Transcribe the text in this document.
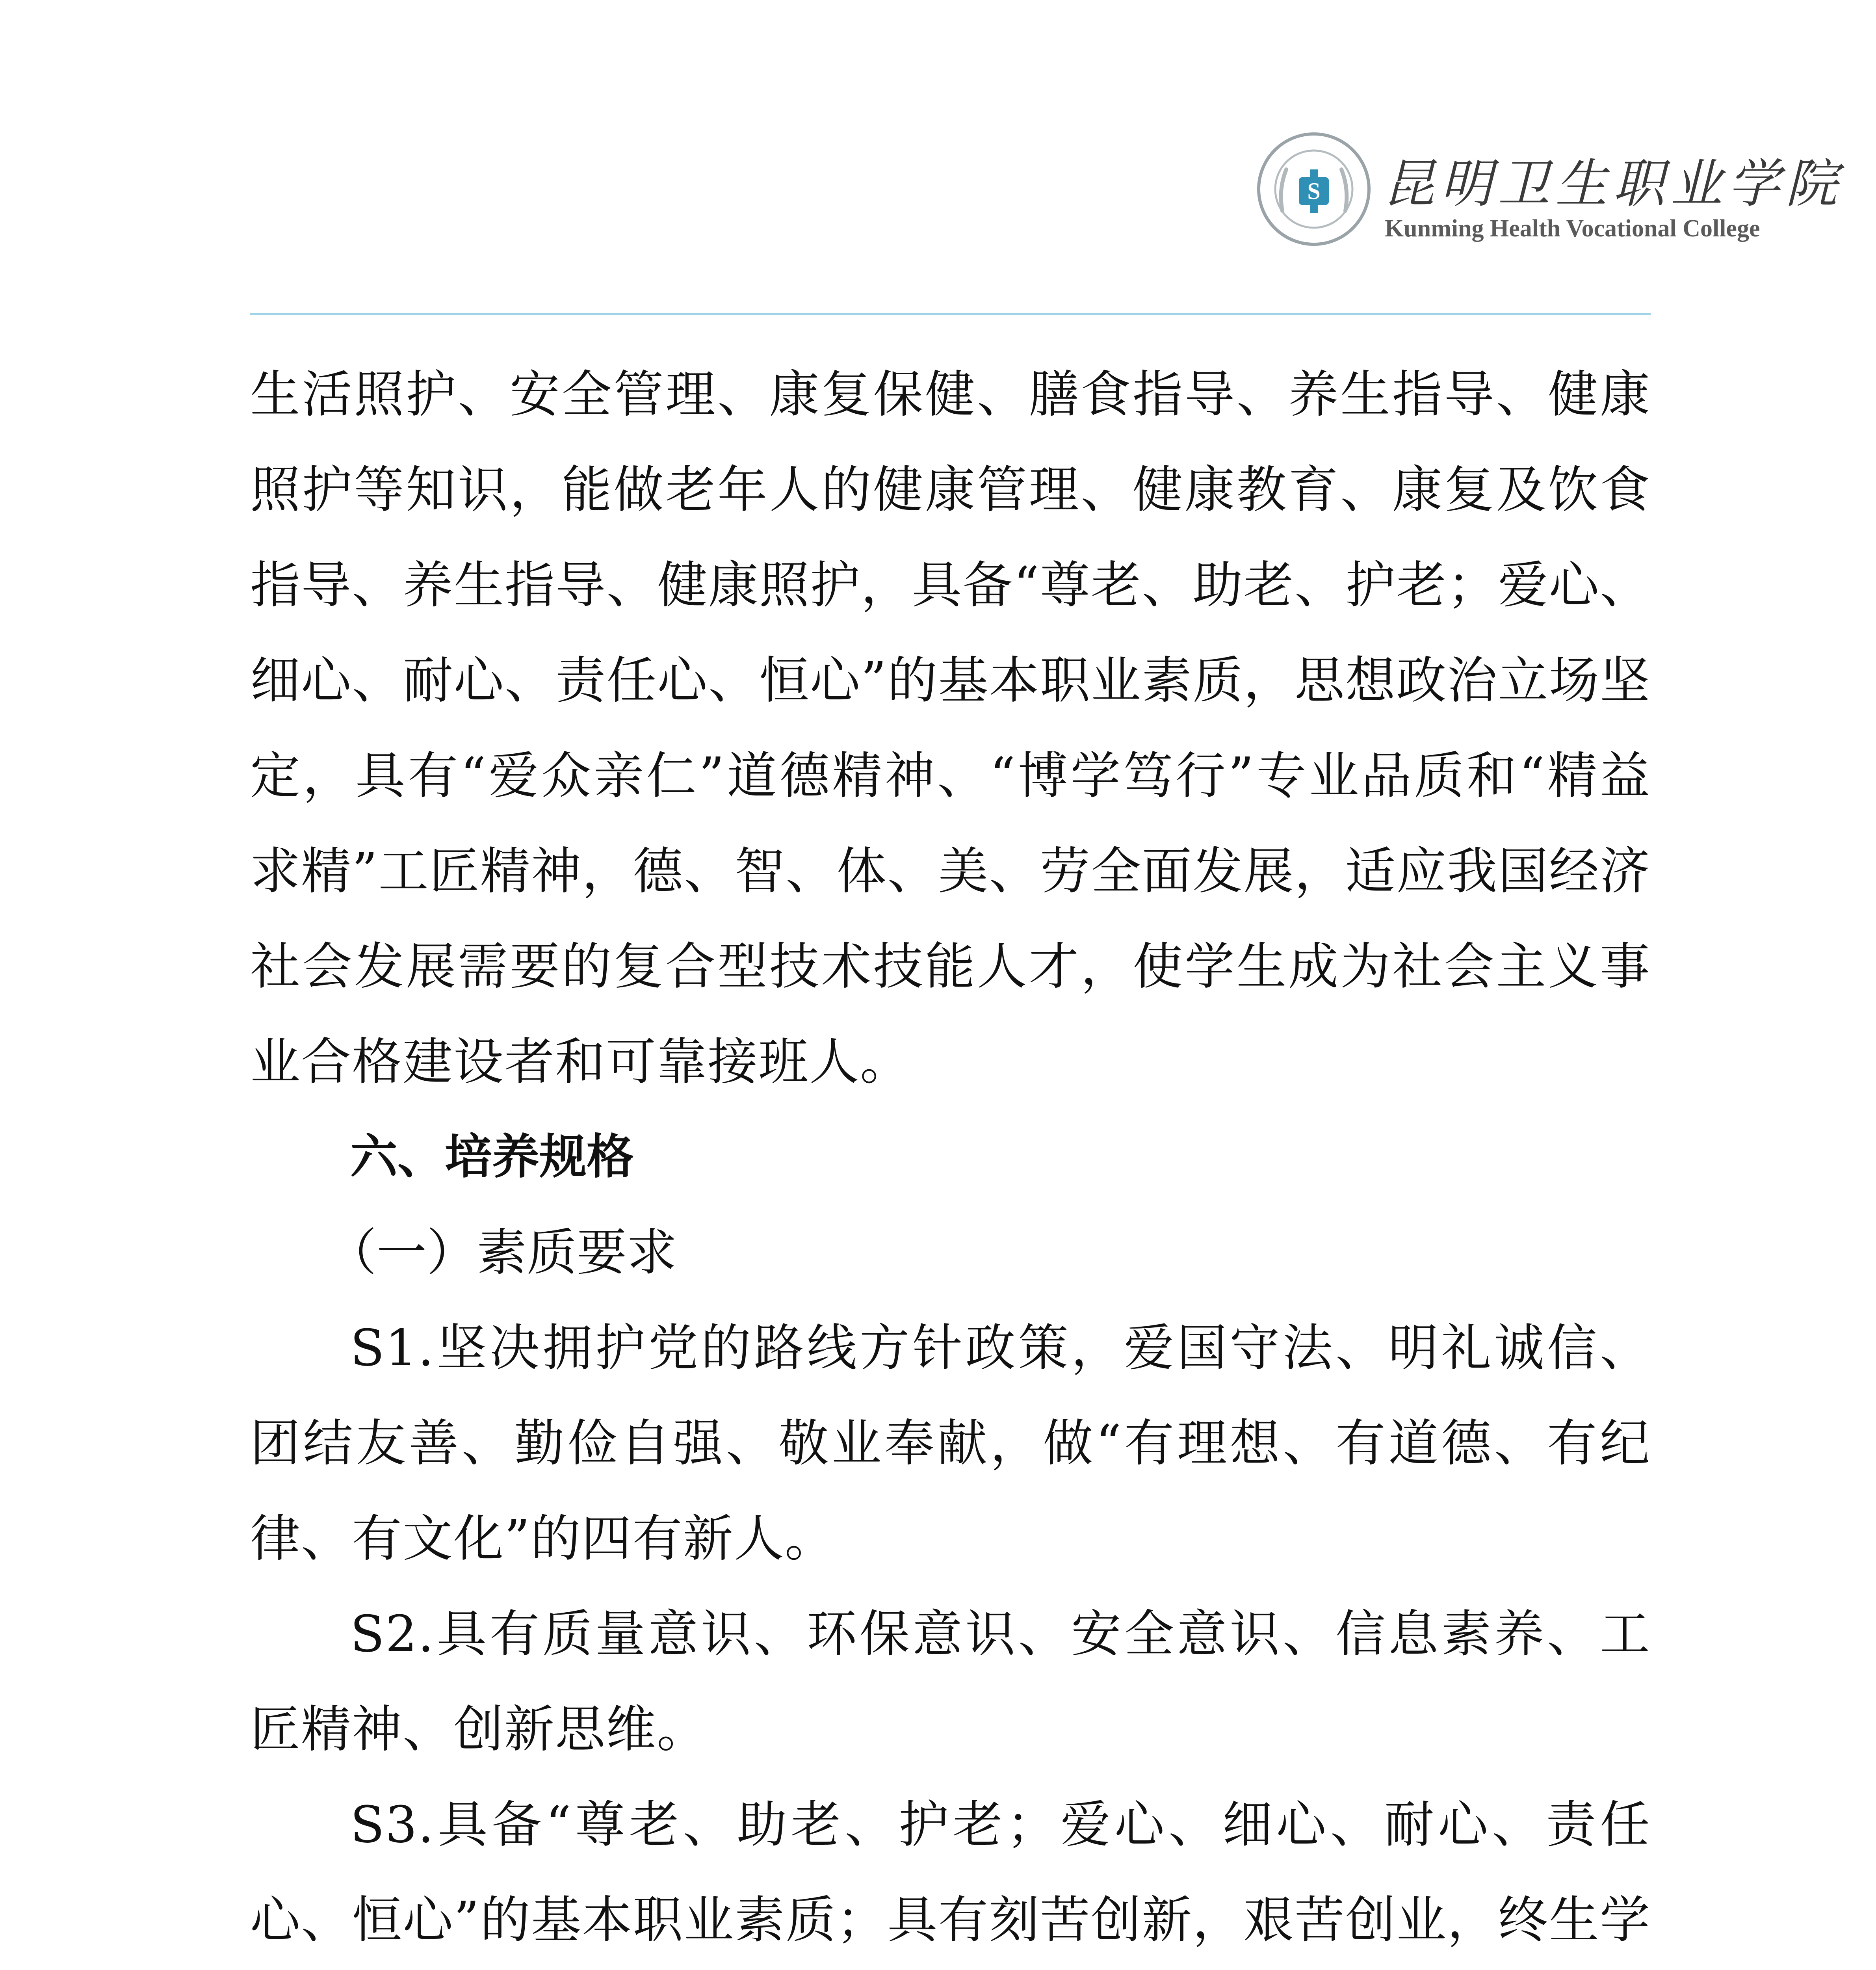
S 昆明卫生职业学院
Kunming Health Vocational College

生活照护、安全管理、康复保健、膳食指导、养生指导、健康照护等知识，能做老年人的健康管理、健康教育、康复及饮食指导、养生指导、健康照护，具备“尊老、助老、护老；爱心、细心、耐心、责任心、恒心”的基本职业素质，思想政治立场坚定，具有“爱众亲仁”道德精神、“博学笃行”专业品质和“精益求精”工匠精神，德、智、体、美、劳全面发展，适应我国经济社会发展需要的复合型技术技能人才，使学生成为社会主义事业合格建设者和可靠接班人。

六、培养规格

（一）素质要求

S1.坚决拥护党的路线方针政策，爱国守法、明礼诚信、团结友善、勤俭自强、敬业奉献，做“有理想、有道德、有纪律、有文化”的四有新人。

S2.具有质量意识、环保意识、安全意识、信息素养、工匠精神、创新思维。

S3.具备“尊老、助老、护老；爱心、细心、耐心、责任心、恒心”的基本职业素质；具有刻苦创新，艰苦创业，终生学
